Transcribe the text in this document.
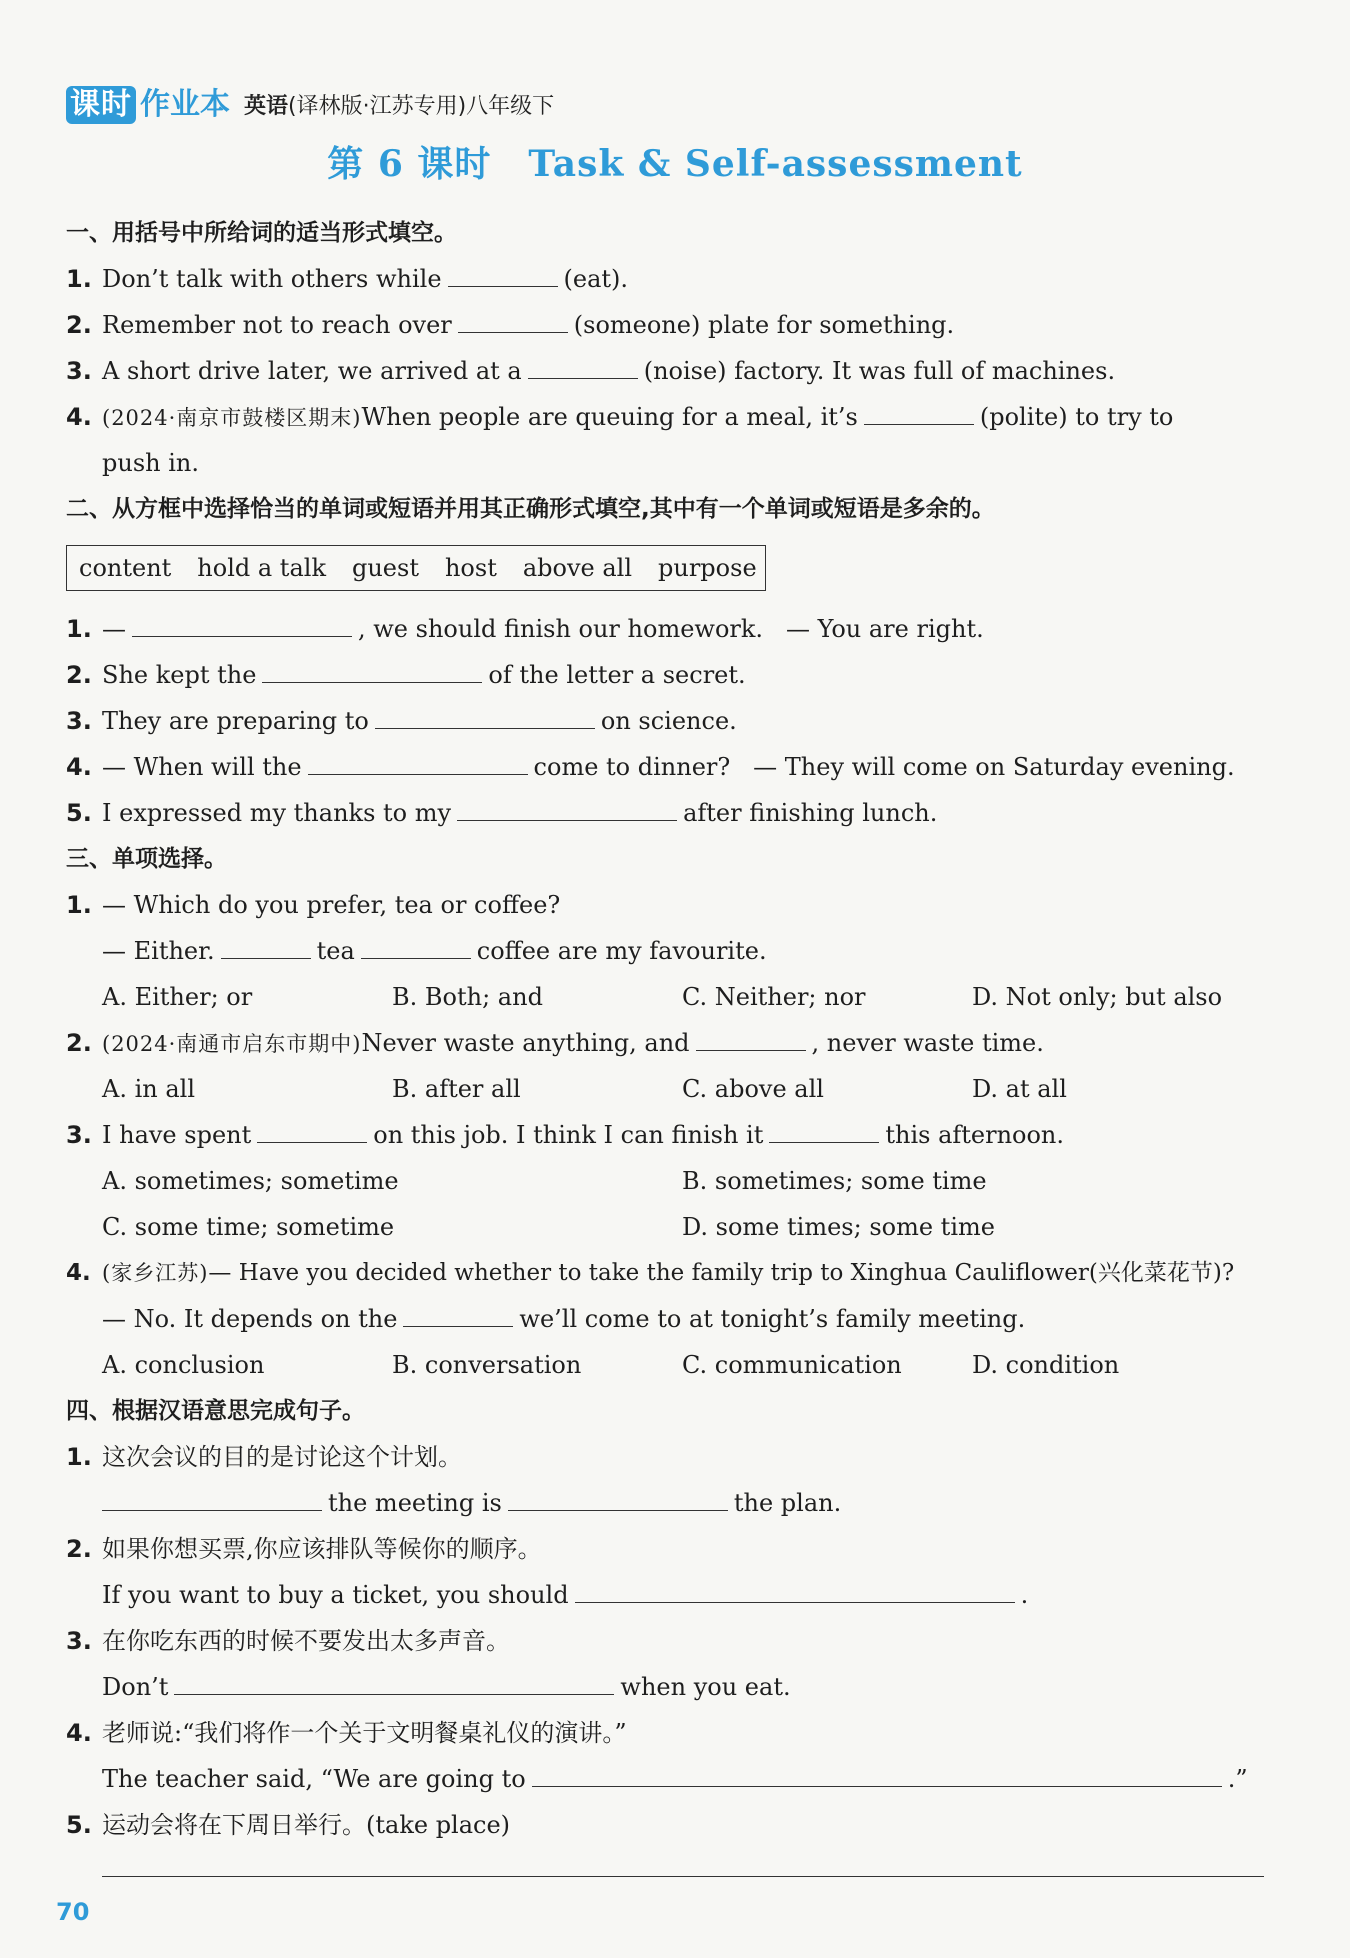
课时 作业本 英语(译林版·江苏专用)八年级下
第 6 课时　Task & Self-assessment
一、用括号中所给词的适当形式填空。
1. Don’t talk with others while	(eat).
2. Remember not to reach over	(someone) plate for something.
3. A short drive later, we arrived at a	(noise) factory. It was full of machines.
4. (2024·南京市鼓楼区期末)When people are queuing for a meal, it’s	(polite) to try to
push in.
二、从方框中选择恰当的单词或短语并用其正确形式填空,其中有一个单词或短语是多余的。
content hold a talk guest host above all purpose
1. —	, we should finish our homework. — You are right.
2. She kept the	of the letter a secret.
3. They are preparing to	on science.
4. — When will the	come to dinner? — They will come on Saturday evening.
5. I expressed my thanks to my	after finishing lunch.
三、单项选择。
1. — Which do you prefer, tea or coffee?
— Either.	tea	coffee are my favourite.
A. Either; or	B. Both; and	C. Neither; nor	D. Not only; but also
2. (2024·南通市启东市期中)Never waste anything, and	, never waste time.
A. in all	B. after all	C. above all	D. at all
3. I have spent	on this job. I think I can finish it	this afternoon.
A. sometimes; sometime	B. sometimes; some time
C. some time; sometime	D. some times; some time
4. (家乡江苏)— Have you decided whether to take the family trip to Xinghua Cauliflower(兴化菜花节)?
— No. It depends on the	we’ll come to at tonight’s family meeting.
A. conclusion	B. conversation	C. communication	D. condition
四、根据汉语意思完成句子。
1. 这次会议的目的是讨论这个计划。
the meeting is	the plan.
2. 如果你想买票,你应该排队等候你的顺序。
If you want to buy a ticket, you should	.
3. 在你吃东西的时候不要发出太多声音。
Don’t	when you eat.
4. 老师说:“我们将作一个关于文明餐桌礼仪的演讲。”
The teacher said, “We are going to	.”
5. 运动会将在下周日举行。(take place)
70
